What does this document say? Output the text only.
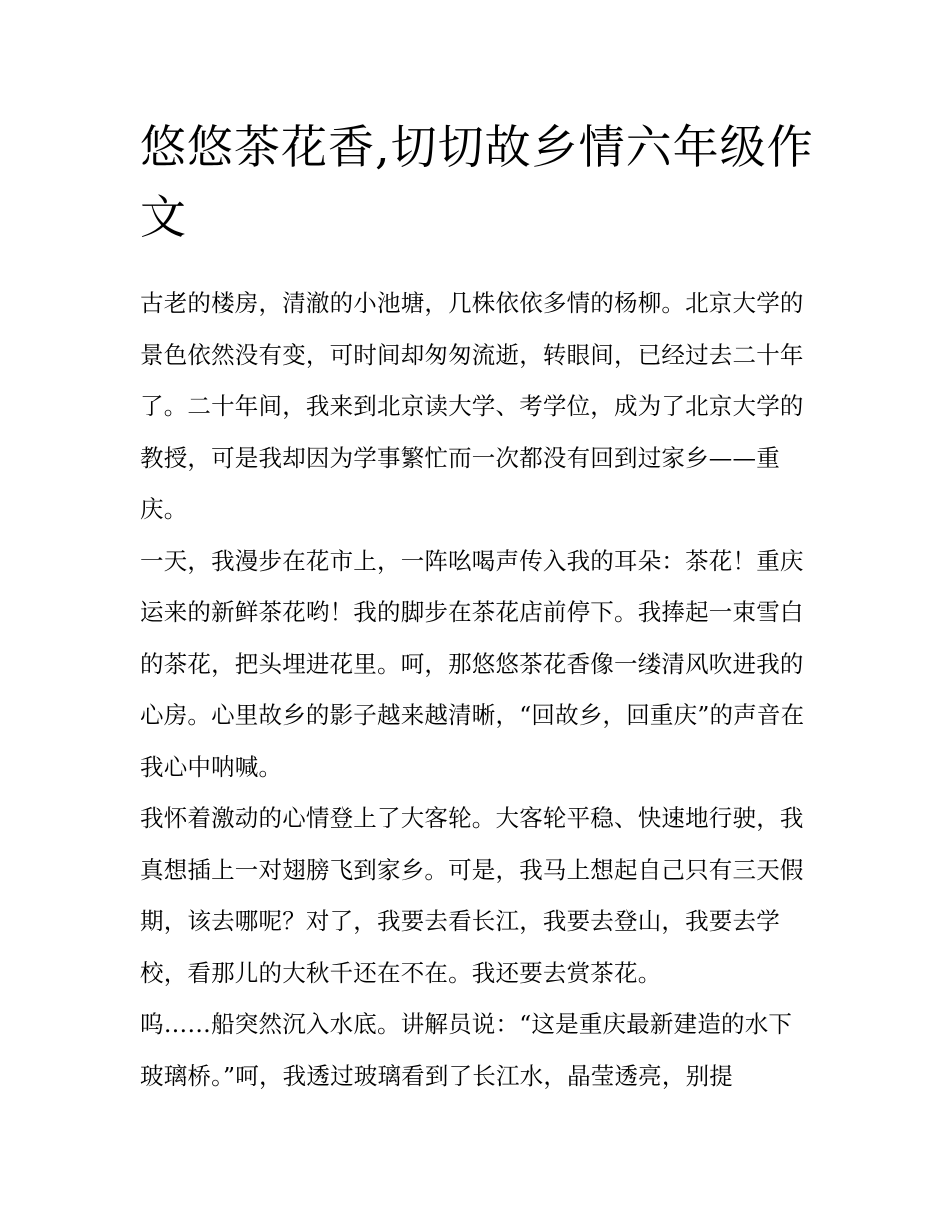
悠悠茶花香,切切故乡情六年级作文

古老的楼房，清澈的小池塘，几株依依多情的杨柳。北京大学的景色依然没有变，可时间却匆匆流逝，转眼间，已经过去二十年了。二十年间，我来到北京读大学、考学位，成为了北京大学的教授，可是我却因为学事繁忙而一次都没有回到过家乡——重庆。

一天，我漫步在花市上，一阵吆喝声传入我的耳朵：茶花！重庆运来的新鲜茶花哟！我的脚步在茶花店前停下。我捧起一束雪白的茶花，把头埋进花里。呵，那悠悠茶花香像一缕清风吹进我的心房。心里故乡的影子越来越清晰，“回故乡，回重庆”的声音在我心中呐喊。

我怀着激动的心情登上了大客轮。大客轮平稳、快速地行驶，我真想插上一对翅膀飞到家乡。可是，我马上想起自己只有三天假期，该去哪呢？对了，我要去看长江，我要去登山，我要去学校，看那儿的大秋千还在不在。我还要去赏茶花。

呜……船突然沉入水底。讲解员说：“这是重庆最新建造的水下玻璃桥。”呵，我透过玻璃看到了长江水，晶莹透亮，别提
